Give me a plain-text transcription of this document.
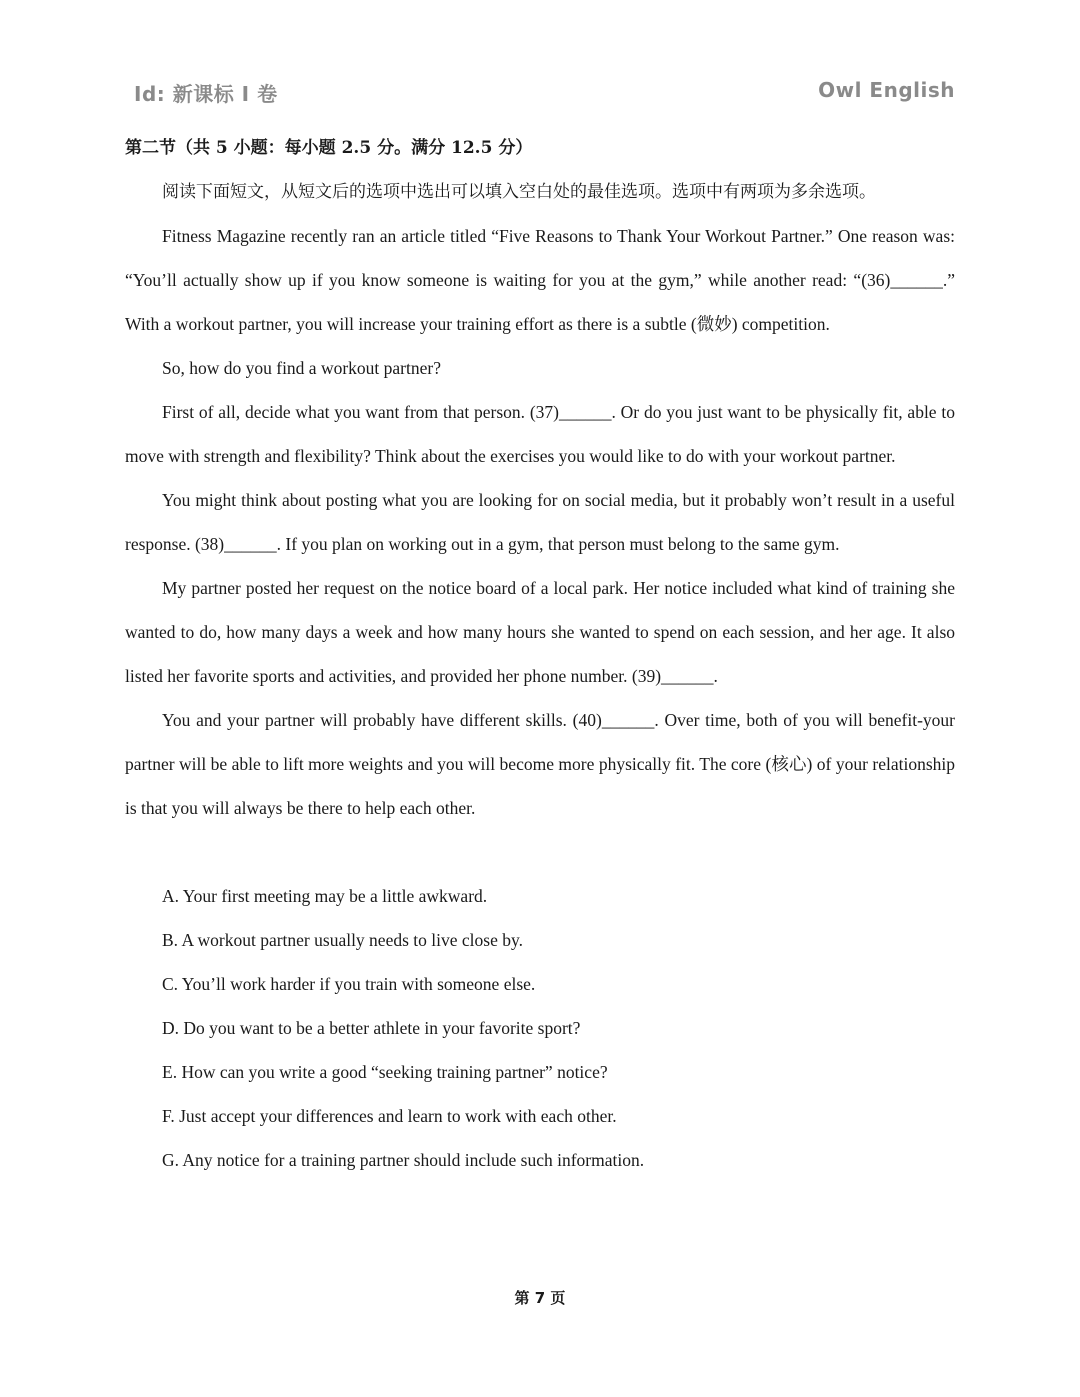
Id: 新课标 I 卷	Owl English

第二节（共 5 小题：每小题 2.5 分。满分 12.5 分）

阅读下面短文，从短文后的选项中选出可以填入空白处的最佳选项。选项中有两项为多余选项。

Fitness Magazine recently ran an article titled “Five Reasons to Thank Your Workout Partner.” One reason was: “You’ll actually show up if you know someone is waiting for you at the gym,” while another read: “(36)______.” With a workout partner, you will increase your training effort as there is a subtle (微妙) competition.

So, how do you find a workout partner?

First of all, decide what you want from that person. (37)______. Or do you just want to be physically fit, able to move with strength and flexibility? Think about the exercises you would like to do with your workout partner.

You might think about posting what you are looking for on social media, but it probably won’t result in a useful response. (38)______. If you plan on working out in a gym, that person must belong to the same gym.

My partner posted her request on the notice board of a local park. Her notice included what kind of training she wanted to do, how many days a week and how many hours she wanted to spend on each session, and her age. It also listed her favorite sports and activities, and provided her phone number. (39)______.

You and your partner will probably have different skills. (40)______. Over time, both of you will benefit-your partner will be able to lift more weights and you will become more physically fit. The core (核心) of your relationship is that you will always be there to help each other.

A. Your first meeting may be a little awkward.

B. A workout partner usually needs to live close by.

C. You’ll work harder if you train with someone else.

D. Do you want to be a better athlete in your favorite sport?

E. How can you write a good “seeking training partner” notice?

F. Just accept your differences and learn to work with each other.

G. Any notice for a training partner should include such information.

第 7 页
